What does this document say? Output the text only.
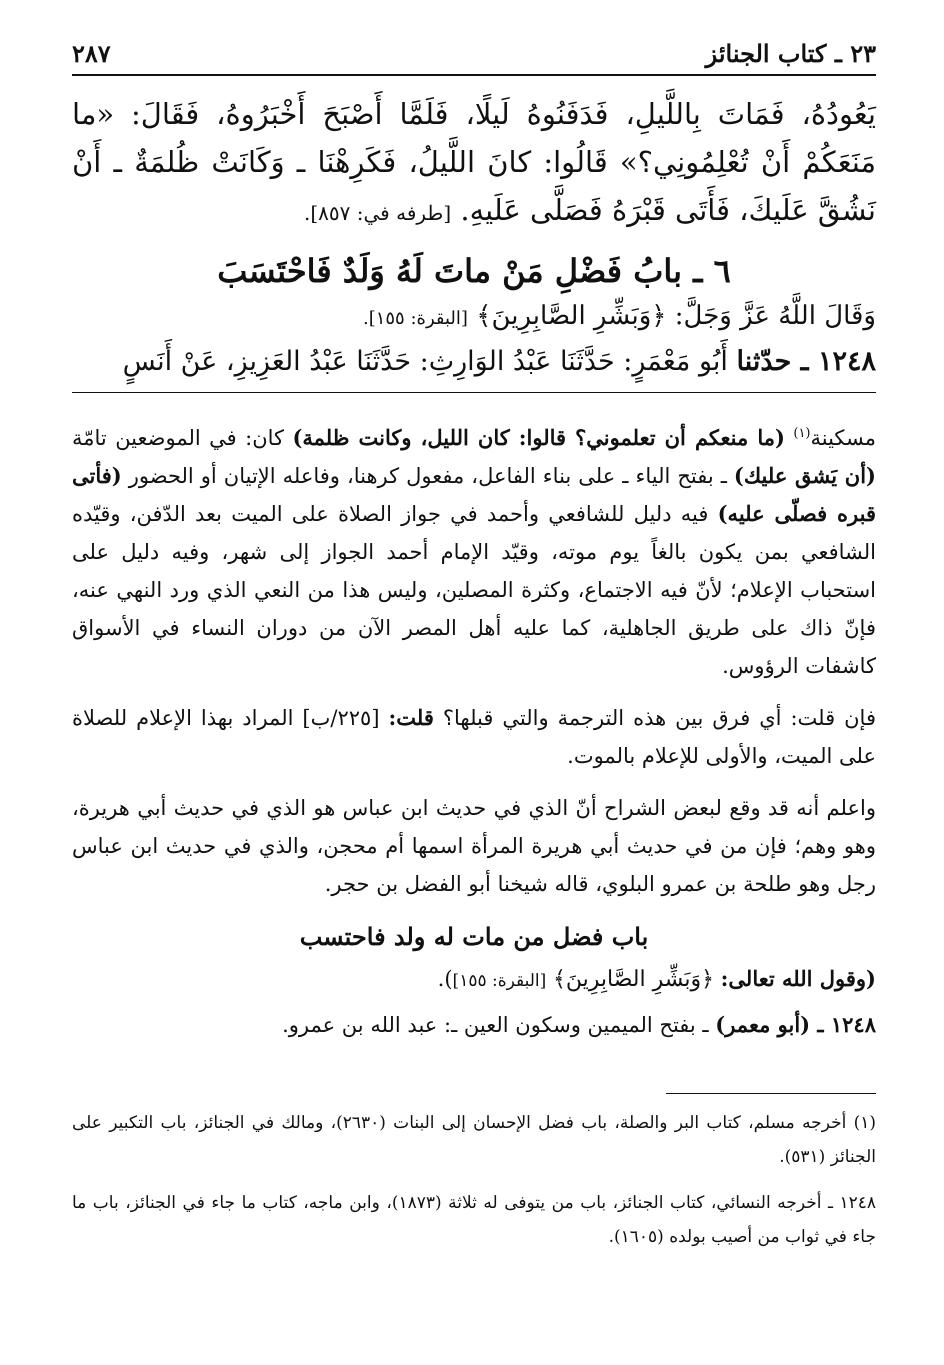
٢٨٧	٢٣ ـ كتاب الجنائز
يَعُودُهُ، فَمَاتَ بِاللَّيلِ، فَدَفَنُوهُ لَيلًا، فَلَمَّا أَصْبَحَ أَخْبَرُوهُ، فَقَالَ: «ما مَنَعَكُمْ أَنْ تُعْلِمُونِي؟» قَالُوا: كانَ اللَّيلُ، فَكَرِهْنَا ـ وَكَانَتْ ظُلمَةٌ ـ أَنْ نَشُقَّ عَلَيكَ، فَأَتَى قَبْرَهُ فَصَلَّى عَلَيهِ. [طرفه في: ٨٥٧].
٦ ـ بابُ فَضْلِ مَنْ ماتَ لَهُ وَلَدٌ فَاحْتَسَبَ
وَقَالَ اللَّهُ عَزَّ وَجَلَّ: ﴿وَبَشِّرِ الصَّابِرِينَ﴾ [البقرة: ١٥٥].
١٢٤٨ ـ حدّثنا أَبُو مَعْمَرٍ: حَدَّثَنَا عَبْدُ الوَارِثِ: حَدَّثَنَا عَبْدُ العَزِيزِ، عَنْ أَنَسٍ

مسكينة$^{(١)}$ (ما منعكم أن تعلموني؟ قالوا: كان الليل، وكانت ظلمة) كان: في الموضعين تامّة (أن يَشق عليك) ـ بفتح الياء ـ على بناء الفاعل، مفعول كرهنا، وفاعله الإتيان أو الحضور (فأتى قبره فصلّى عليه) فيه دليل للشافعي وأحمد في جواز الصلاة على الميت بعد الدّفن، وقيّده الشافعي بمن يكون بالغاً يوم موته، وقيّد الإمام أحمد الجواز إلى شهر، وفيه دليل على استحباب الإعلام؛ لأنّ فيه الاجتماع، وكثرة المصلين، وليس هذا من النعي الذي ورد النهي عنه، فإنّ ذاك على طريق الجاهلية، كما عليه أهل المصر الآن من دوران النساء في الأسواق كاشفات الرؤوس.

فإن قلت: أي فرق بين هذه الترجمة والتي قبلها؟ قلت: [٢٢٥/ب] المراد بهذا الإعلام للصلاة على الميت، والأولى للإعلام بالموت.

واعلم أنه قد وقع لبعض الشراح أنّ الذي في حديث ابن عباس هو الذي في حديث أبي هريرة، وهو وهم؛ فإن من في حديث أبي هريرة المرأة اسمها أم محجن، والذي في حديث ابن عباس رجل وهو طلحة بن عمرو البلوي، قاله شيخنا أبو الفضل بن حجر.

باب فضل من مات له ولد فاحتسب
(وقول الله تعالى: ﴿وَبَشِّرِ الصَّابِرِينَ﴾ [البقرة: ١٥٥]).
١٢٤٨ ـ (أبو معمر) ـ بفتح الميمين وسكون العين ـ: عبد الله بن عمرو.

(١) أخرجه مسلم، كتاب البر والصلة، باب فضل الإحسان إلى البنات (٢٦٣٠)، ومالك في الجنائز، باب التكبير على الجنائز (٥٣١).

١٢٤٨ ـ أخرجه النسائي، كتاب الجنائز، باب من يتوفى له ثلاثة (١٨٧٣)، وابن ماجه، كتاب ما جاء في الجنائز، باب ما جاء في ثواب من أصيب بولده (١٦٠٥).
